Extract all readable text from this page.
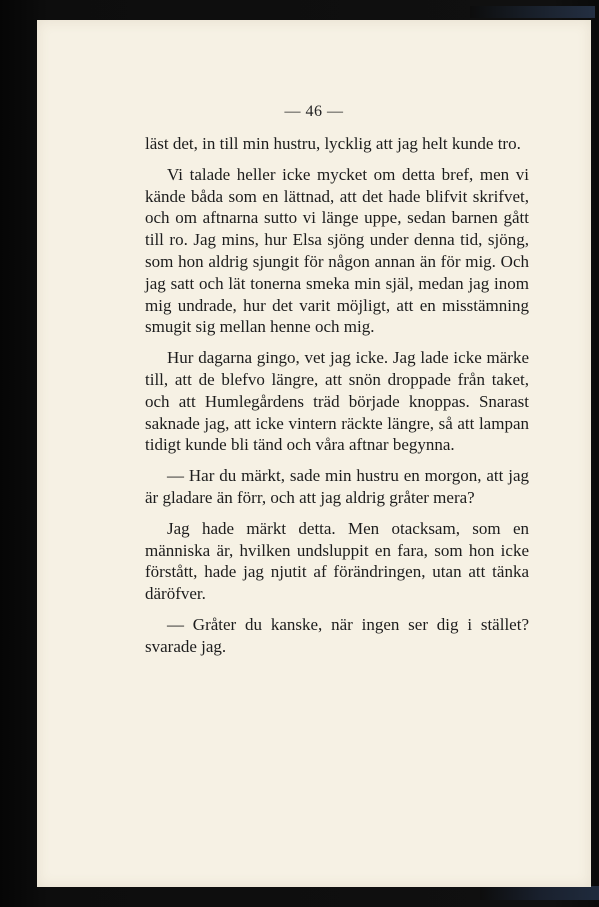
— 46 —

läst det, in till min hustru, lycklig att jag helt kunde tro.

Vi talade heller icke mycket om detta bref, men vi kände båda som en lättnad, att det hade blifvit skrifvet, och om aftnarna sutto vi länge uppe, sedan barnen gått till ro. Jag mins, hur Elsa sjöng under denna tid, sjöng, som hon aldrig sjungit för någon annan än för mig. Och jag satt och lät tonerna smeka min själ, medan jag inom mig undrade, hur det varit möjligt, att en misstämning smugit sig mellan henne och mig.

Hur dagarna gingo, vet jag icke. Jag lade icke märke till, att de blefvo längre, att snön droppade från taket, och att Humlegårdens träd började knoppas. Snarast saknade jag, att icke vintern räckte längre, så att lampan tidigt kunde bli tänd och våra aftnar begynna.

— Har du märkt, sade min hustru en morgon, att jag är gladare än förr, och att jag aldrig gråter mera?

Jag hade märkt detta. Men otacksam, som en människa är, hvilken undsluppit en fara, som hon icke förstått, hade jag njutit af förändringen, utan att tänka däröfver.

— Gråter du kanske, när ingen ser dig i stället? svarade jag.
